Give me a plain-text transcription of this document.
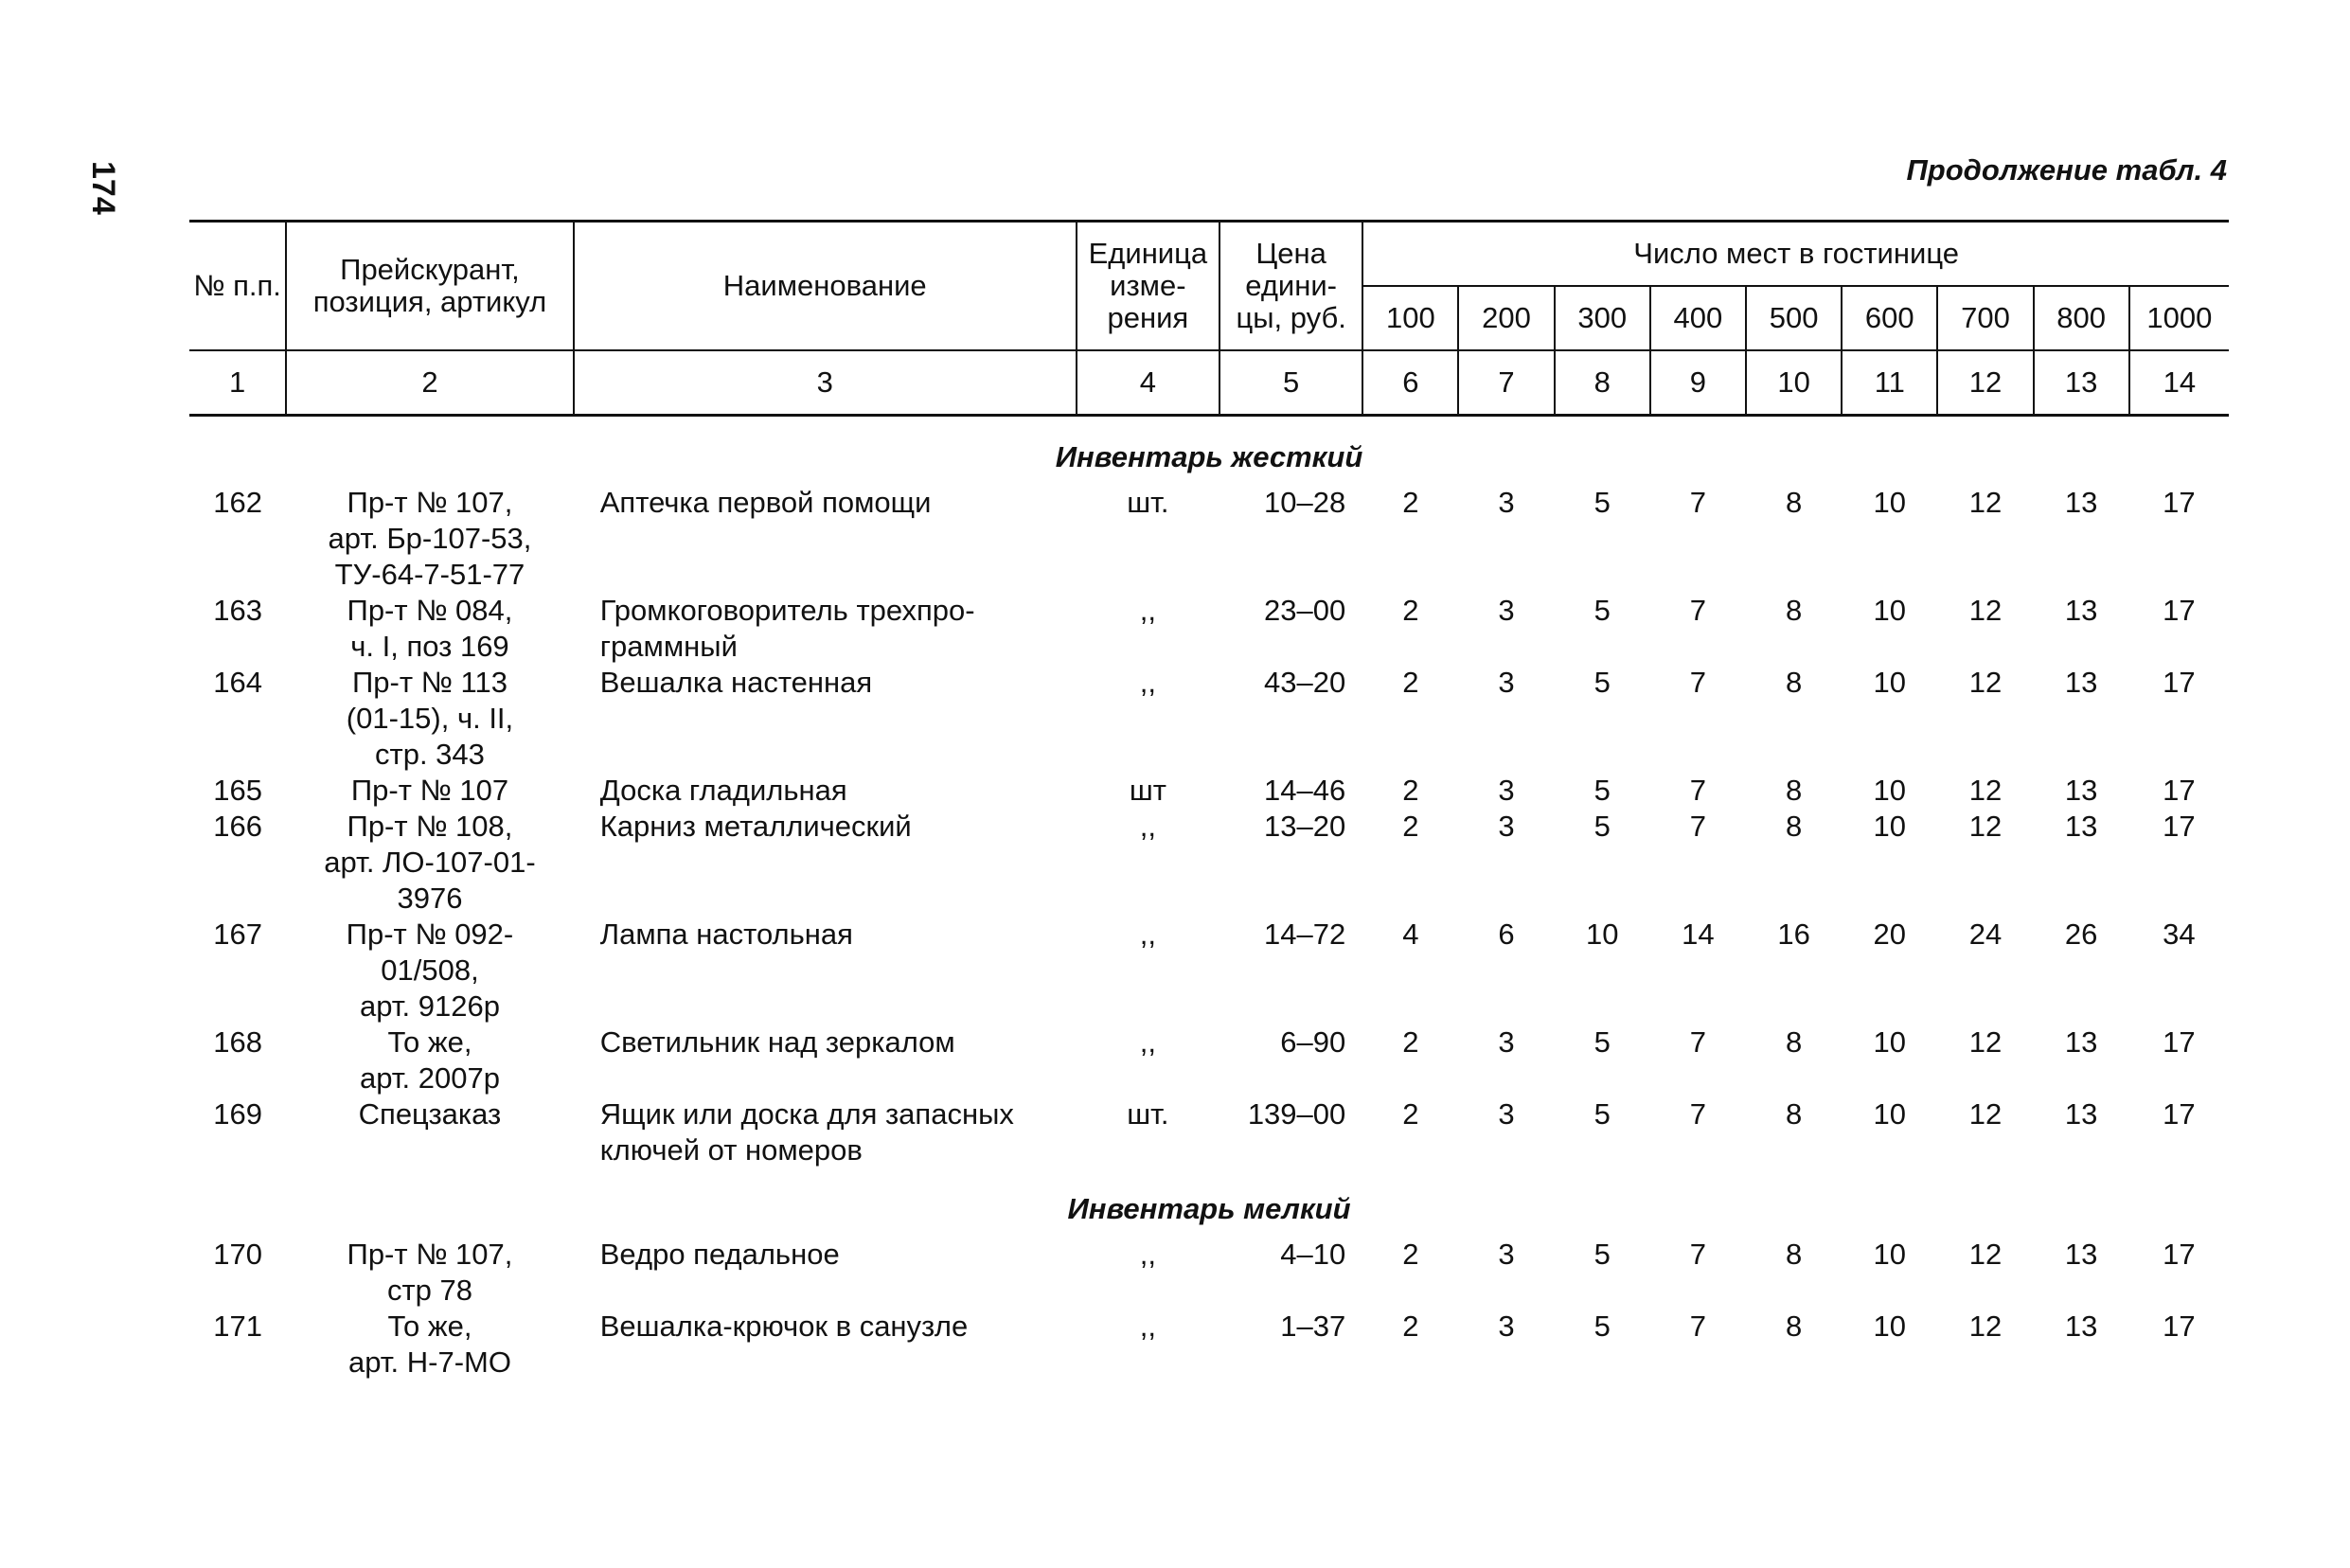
174	Продолжение табл. 4
№ п.п.	Прейскурант, позиция, артикул	Наименование	Единица изме-рения	Цена едини-цы, руб.	Число мест в гостинице								
					100	200	300	400	500	600	700	800	1000
1	2	3	4	5	6	7	8	9	10	11	12	13	14
Инвентарь жесткий													
162	Пр-т № 107,
арт. Бр-107-53,
ТУ-64-7-51-77	Аптечка первой помощи	шт.	10–28	2	3	5	7	8	10	12	13	17
163	Пр-т № 084,
ч. I, поз 169	Громкоговоритель трехпро-
граммный	,,	23–00	2	3	5	7	8	10	12	13	17
164	Пр-т № 113
(01-15), ч. II,
стр. 343	Вешалка настенная	,,	43–20	2	3	5	7	8	10	12	13	17
165	Пр-т № 107	Доска гладильная	шт	14–46	2	3	5	7	8	10	12	13	17
166	Пр-т № 108,
арт. ЛО-107-01-
3976	Карниз металлический	,,	13–20	2	3	5	7	8	10	12	13	17
167	Пр-т № 092-
01/508,
арт. 9126р	Лампа настольная	,,	14–72	4	6	10	14	16	20	24	26	34
168	То же,
арт. 2007р	Светильник над зеркалом	,,	6–90	2	3	5	7	8	10	12	13	17
169	Спецзаказ	Ящик или доска для запасных
ключей от номеров	шт.	139–00	2	3	5	7	8	10	12	13	17
Инвентарь мелкий													
170	Пр-т № 107,
стр 78	Ведро педальное	,,	4–10	2	3	5	7	8	10	12	13	17
171	То же,
арт. Н-7-МО	Вешалка-крючок в санузле	,,	1–37	2	3	5	7	8	10	12	13	17
